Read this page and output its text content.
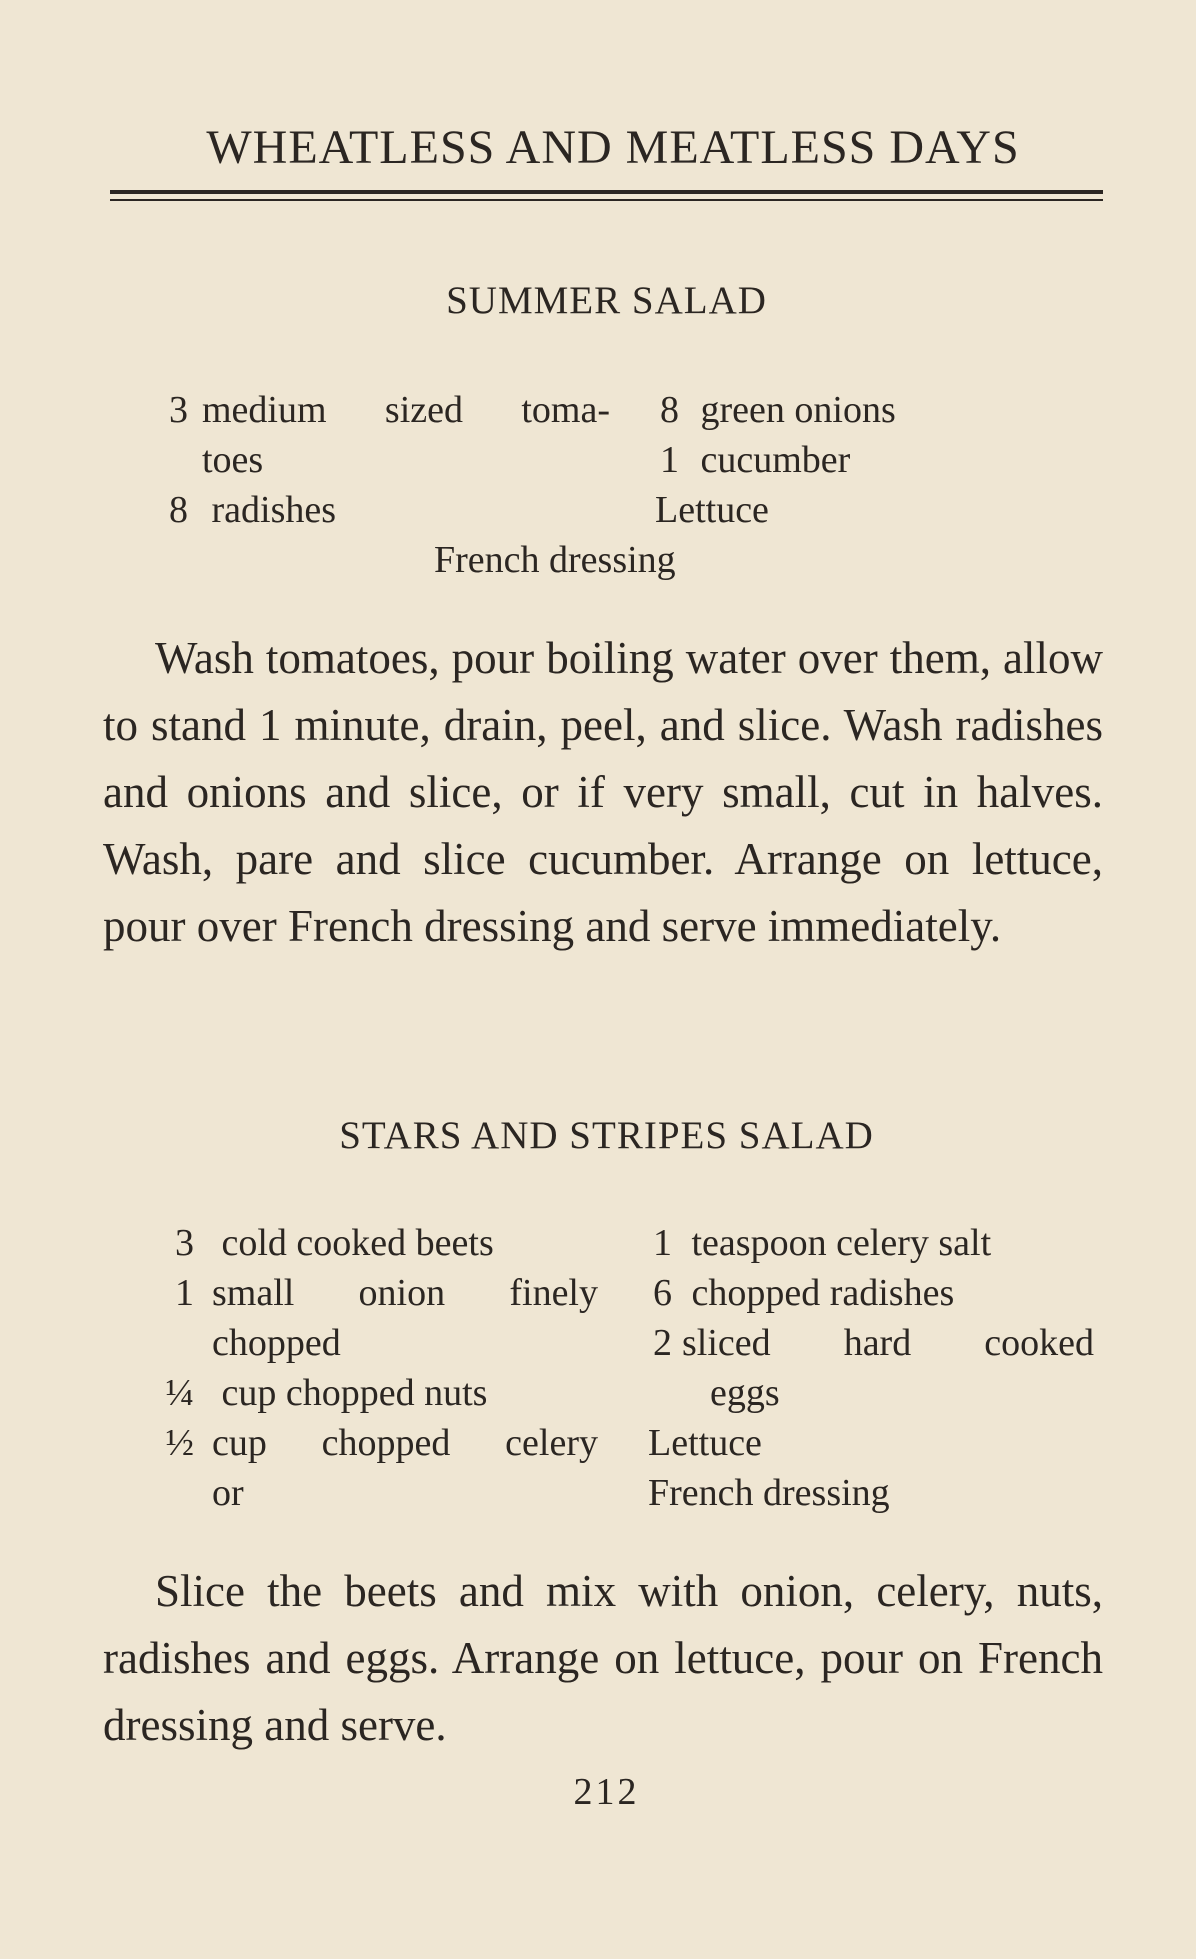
WHEATLESS AND MEATLESS DAYS
SUMMER SALAD
3 medium sized toma-
toes
8 radishes
8 green onions
1 cucumber
Lettuce
French dressing

Wash tomatoes, pour boiling water over them, allow to stand 1 minute, drain, peel, and slice. Wash radishes and onions and slice, or if very small, cut in halves. Wash, pare and slice cucumber. Arrange on lettuce, pour over French dressing and serve immediately.

STARS AND STRIPES SALAD
3 cold cooked beets
1 small onion finely
chopped
¼ cup chopped nuts
½ cup chopped celery
or
1 teaspoon celery salt
6 chopped radishes
2 sliced hard cooked
eggs
Lettuce
French dressing

Slice the beets and mix with onion, celery, nuts, radishes and eggs. Arrange on lettuce, pour on French dressing and serve.

212
